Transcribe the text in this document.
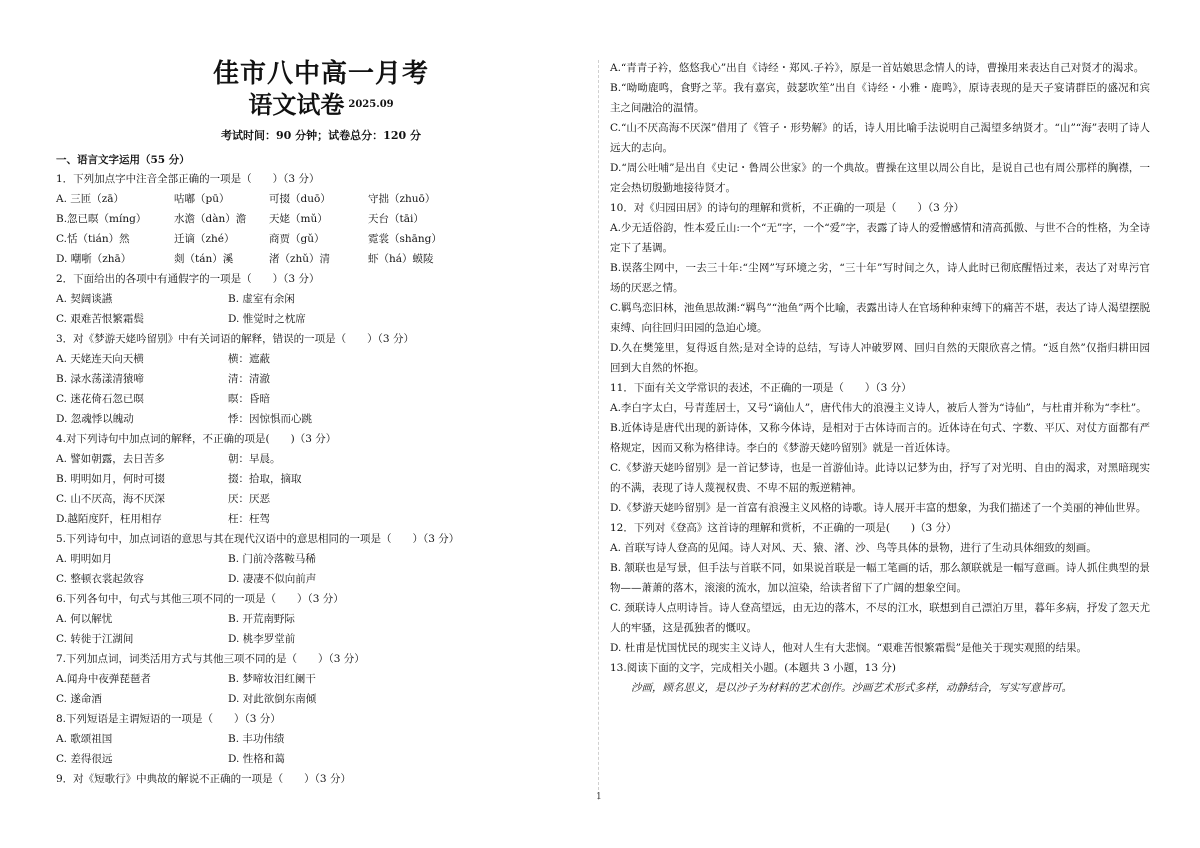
佳市八中高一月考
语文试卷 $^{2025.09}$
考试时间：90 分钟；试卷总分：120 分
一、语言文字运用（55 分）
1．下列加点字中注音全部正确的一项是（　　）（3 分）
A. 三匝（zā）	咕嘟（pū）	可掇（duō）	守拙（zhuō）
B.忽已暝（míng）	水澹（dàn）澹 天姥（mǔ）	天台（tāi）
C.恬（tián）然	迁谪（zhé）	商贾（gǔ）	霓裳（shāng）
D. 嘲哳（zhā）	剡（tán）溪	渚（zhǔ）清	虾（há）蟆陵
2．下面给出的各项中有通假字的一项是（　　）（3 分）
A. 契阔谈讌	B. 虚室有余闲
C. 艰难苦恨繁霜鬓	D. 惟觉时之枕席
3．对《梦游天姥吟留别》中有关词语的解释，错误的一项是（　　）（3 分）
A. 天姥连天向天横	横：遮蔽
B. 渌水荡漾清猿啼	清：清澈
C. 迷花倚石忽已暝	暝：昏暗
D. 忽魂悸以魄动	悸：因惊惧而心跳
4.对下列诗句中加点词的解释，不正确的项是(　　)（3 分）
A. 譬如朝露，去日苦多	朝：早晨。
B. 明明如月，何时可掇	掇：拾取，摘取
C. 山不厌高，海不厌深	厌：厌恶
D.越陌度阡，枉用相存	枉：枉驾
5.下列诗句中，加点词语的意思与其在现代汉语中的意思相同的一项是（　　）（3 分）
A. 明明如月	B. 门前冷落鞍马稀
C. 整顿衣裳起敛容	D. 凄凄不似向前声
6.下列各句中，句式与其他三项不同的一项是（　　）（3 分）
A. 何以解忧	B. 开荒南野际
C. 转徙于江湖间	D. 桃李罗堂前
7.下列加点词，词类活用方式与其他三项不同的是（　　）（3 分）
A.闻舟中夜弹琵琶者	B. 梦啼妆泪红阑干
C. 遂命酒	D. 对此欲倒东南倾
8.下列短语是主谓短语的一项是（　　）（3 分）
A. 歌颂祖国	B. 丰功伟绩
C. 差得很远	D. 性格和蔼
9．对《短歌行》中典故的解说不正确的一项是（　　）（3 分）
A.“青青子衿，悠悠我心”出自《诗经・郑风.子衿》，原是一首姑娘思念情人的诗，曹操用来表达自己对贤才的渴求。
B.“呦呦鹿鸣，食野之苹。我有嘉宾，鼓瑟吹笙”出自《诗经・小雅・鹿鸣》，原诗表现的是天子宴请群臣的盛况和宾主之间融洽的温情。
C.“山不厌高海不厌深”借用了《管子・形势解》的话，诗人用比喻手法说明自己渴望多纳贤才。“山”“海”表明了诗人远大的志向。
D.“周公吐哺”是出自《史记・鲁周公世家》的一个典故。曹操在这里以周公自比，是说自己也有周公那样的胸襟，一定会热切殷勤地接待贤才。
10．对《归园田居》的诗句的理解和赏析，不正确的一项是（　　）（3 分）
A.少无适俗韵，性本爱丘山:一个“无”字，一个“爱”字，表露了诗人的爱憎感情和清高孤傲、与世不合的性格，为全诗定下了基调。
B.误落尘网中，一去三十年:“尘网”写环境之劣，“三十年”写时间之久，诗人此时已彻底醒悟过来，表达了对卑污官场的厌恶之情。
C.羁鸟恋旧林，池鱼思故渊:“羁鸟”“池鱼”两个比喻，表露出诗人在官场种种束缚下的痛苦不堪，表达了诗人渴望摆脱束缚、向往回归田园的急迫心境。
D.久在樊笼里，复得返自然;是对全诗的总结，写诗人冲破罗网、回归自然的天限欣喜之情。“返自然”仅指归耕田园回到大自然的怀抱。
11．下面有关文学常识的表述，不正确的一项是（　　）（3 分）
A.李白字太白，号青莲居士，又号“谪仙人”，唐代伟大的浪漫主义诗人，被后人誉为“诗仙”，与杜甫并称为“李杜”。
B.近体诗是唐代出现的新诗体，又称今体诗，是相对于古体诗而言的。近体诗在句式、字数、平仄、对仗方面都有严格规定，因而又称为格律诗。李白的《梦游天姥吟留别》就是一首近体诗。
C.《梦游天姥吟留别》是一首记梦诗，也是一首游仙诗。此诗以记梦为由，抒写了对光明、自由的渴求，对黑暗现实的不满，表现了诗人蔑视权贵、不卑不屈的叛逆精神。
D.《梦游天姥吟留别》是一首富有浪漫主义风格的诗歌。诗人展开丰富的想象，为我们描述了一个美丽的神仙世界。
12．下列对《登高》这首诗的理解和赏析，不正确的一项是(　　)（3 分）
A. 首联写诗人登高的见闻。诗人对风、天、猿、渚、沙、鸟等具体的景物，进行了生动具体细致的刻画。
B. 颔联也是写景，但手法与首联不同，如果说首联是一幅工笔画的话，那么颔联就是一幅写意画。诗人抓住典型的景物——萧萧的落木，滚滚的流水，加以渲染，给读者留下了广阔的想象空间。
C. 颈联诗人点明诗旨。诗人登高望远，由无边的落木，不尽的江水，联想到自己漂泊万里，暮年多病，抒发了忽天尤人的牢骚，这是孤独者的慨叹。
D. 杜甫是忧国忧民的现实主义诗人，他对人生有大悲悯。“艰难苦恨繁霜鬓”是他关于现实观照的结果。
13.阅读下面的文字，完成相关小题。(本题共 3 小题，13 分)
沙画，顾名思义，是以沙子为材料的艺术创作。沙画艺术形式多样，动静结合，写实写意皆可。
1
